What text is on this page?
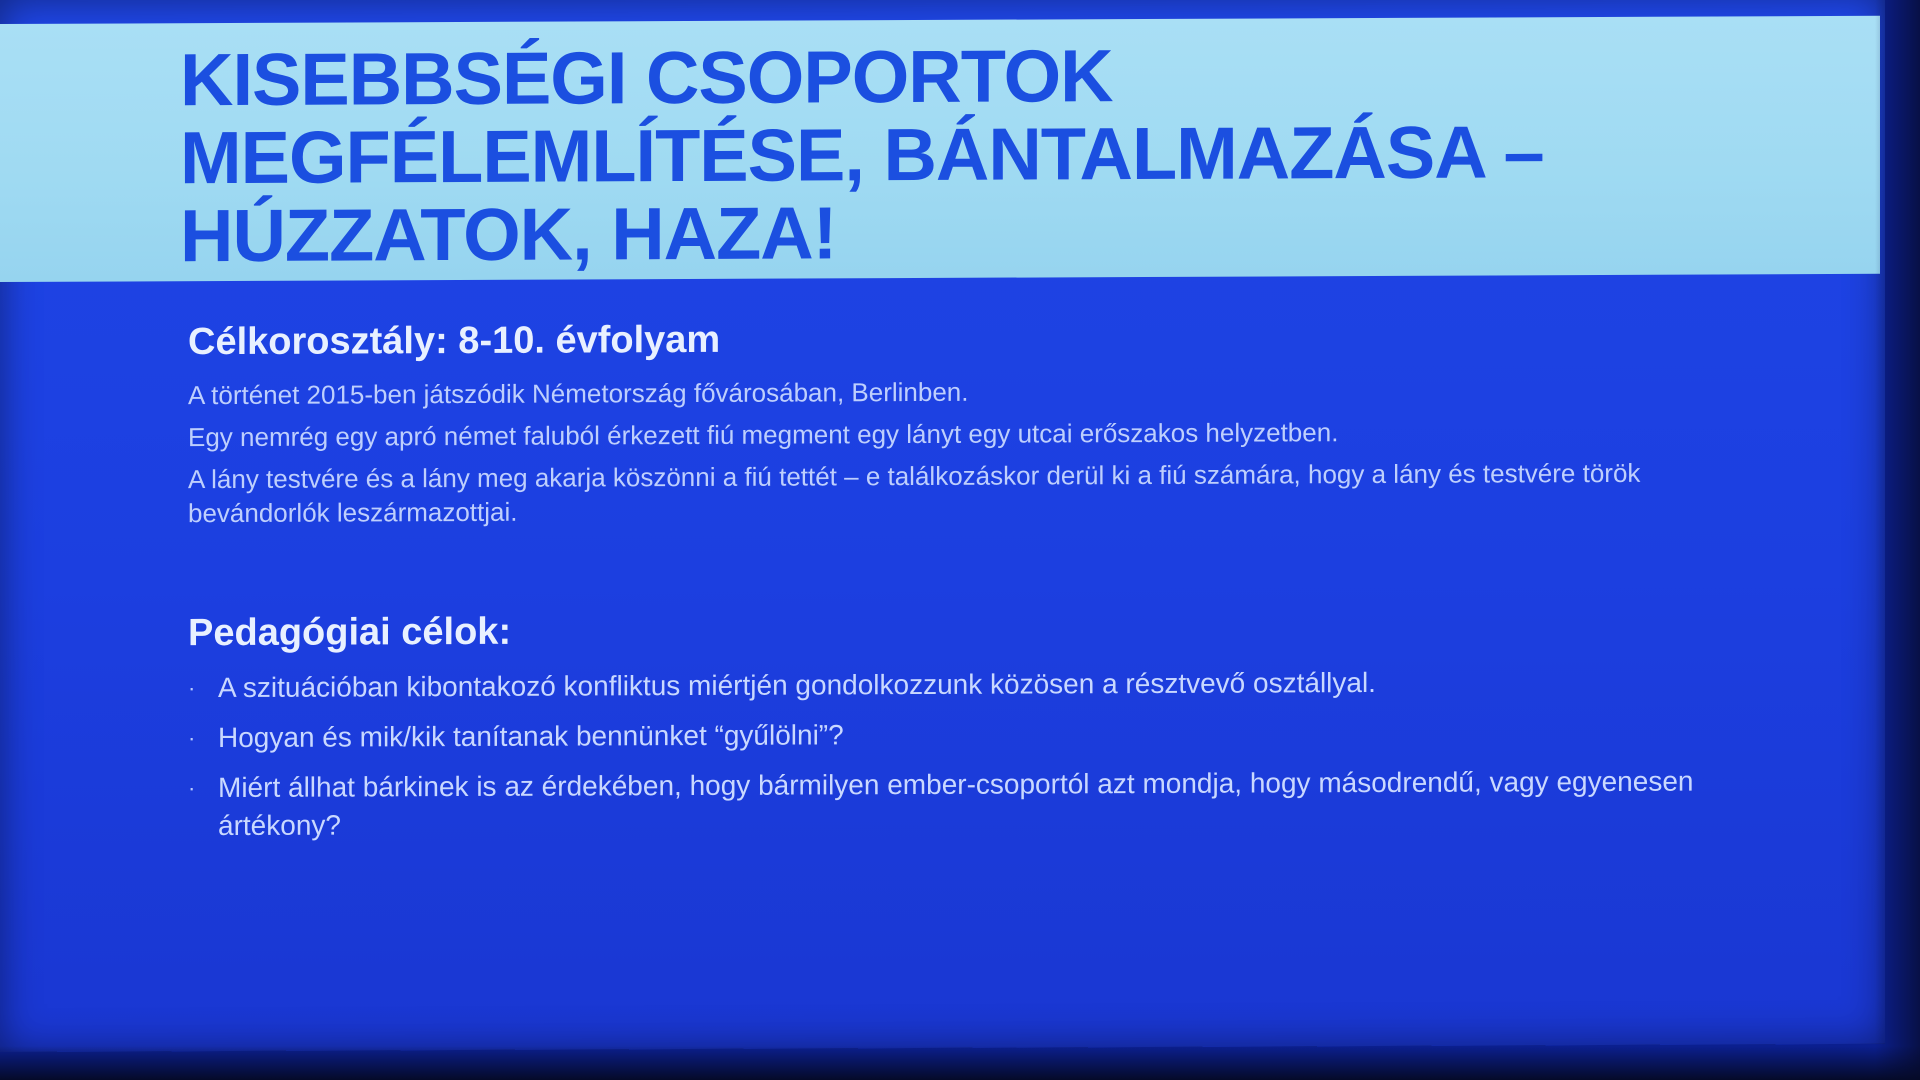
KISEBBSÉGI CSOPORTOK
MEGFÉLEMLÍTÉSE, BÁNTALMAZÁSA –
HÚZZATOK, HAZA!

Célkorosztály: 8-10. évfolyam

A történet 2015-ben játszódik Németország fővárosában, Berlinben.

Egy nemrég egy apró német faluból érkezett fiú megment egy lányt egy utcai erőszakos helyzetben.

A lány testvére és a lány meg akarja köszönni a fiú tettét – e találkozáskor derül ki a fiú számára, hogy a lány és testvére török bevándorlók leszármazottjai.

Pedagógiai célok:

· A szituációban kibontakozó konfliktus miértjén gondolkozzunk közösen a résztvevő osztállyal.
· Hogyan és mik/kik tanítanak bennünket “gyűlölni”?
· Miért állhat bárkinek is az érdekében, hogy bármilyen ember-csoportól azt mondja, hogy másodrendű, vagy egyenesen ártékony?
